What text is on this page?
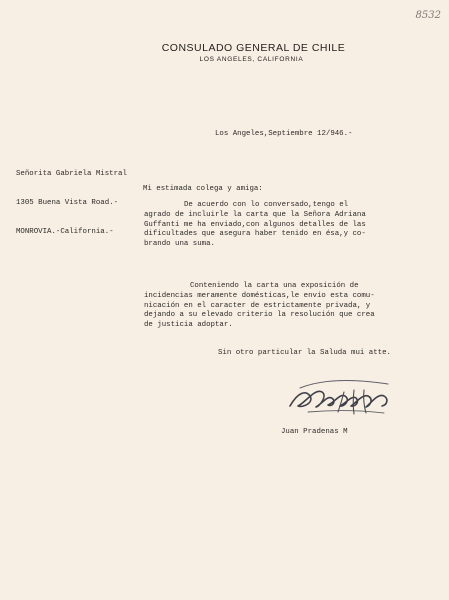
8532
CONSULADO GENERAL DE CHILE
LOS ANGELES, CALIFORNIA
Los Angeles,Septiembre 12/946.-

Señorita Gabriela Mistral

1305 Buena Vista Road.-

MONROVIA.-California.-

Mi estimada colega y amiga:
De acuerdo con lo conversado,tengo el
agrado de incluirle la carta que la Señora Adriana
Guffanti me ha enviado,con algunos detalles de las
dificultades que asegura haber tenido en ésa,y co-
brando una suma.
Conteniendo la carta una exposición de
incidencias meramente domésticas,le envío esta comu-
nicación en el caracter de estrictamente privada, y
dejando a su elevado criterio la resolución que crea
de justicia adoptar.
Sin otro particular la Saluda mui atte.
Juan Pradenas M
